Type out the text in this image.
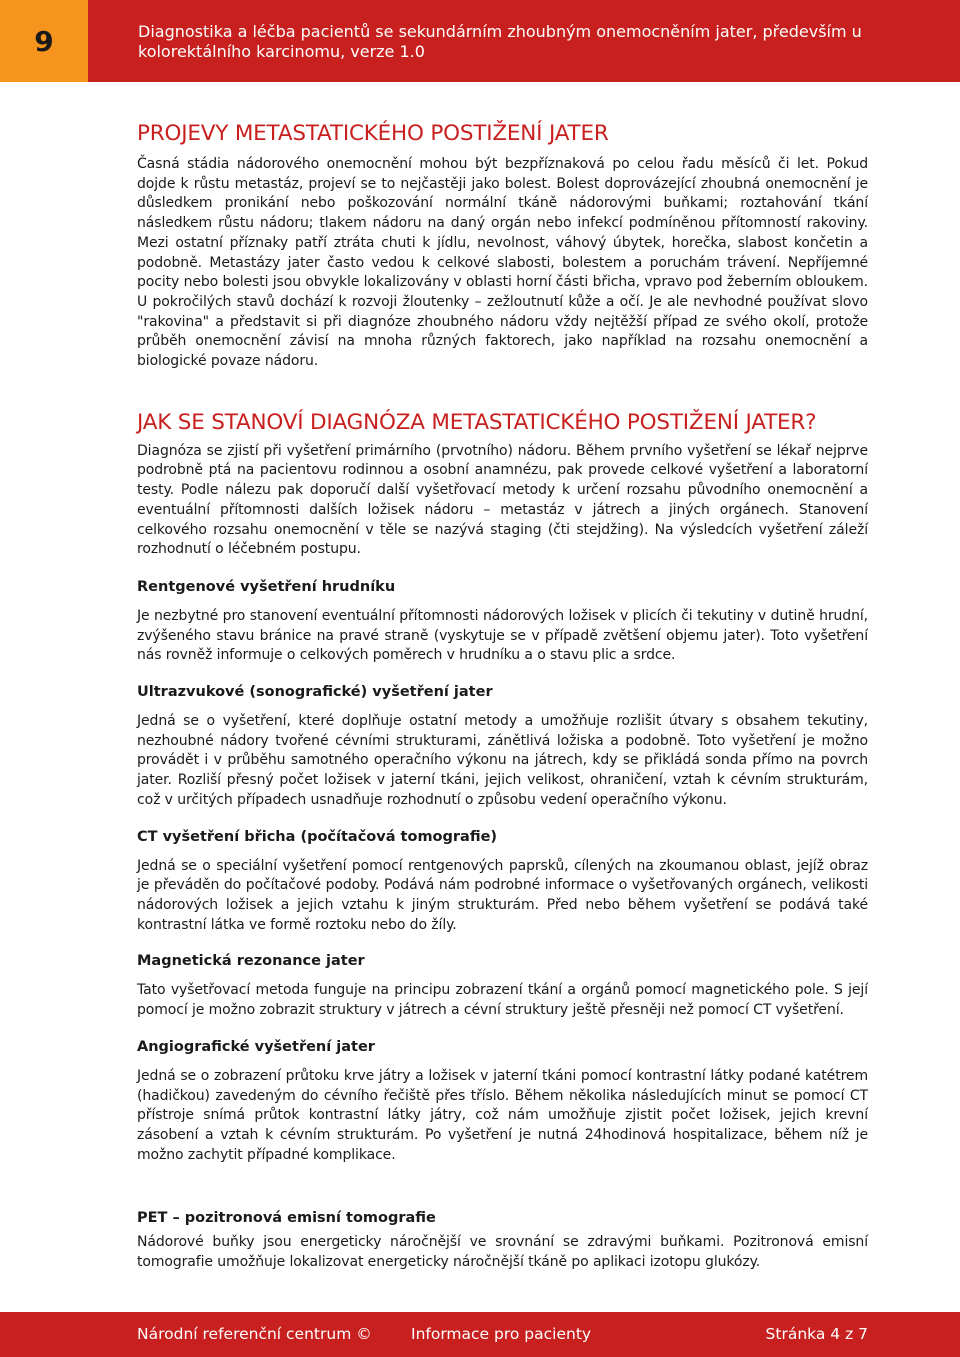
9	Diagnostika a léčba pacientů se sekundárním zhoubným onemocněním jater, především u
kolorektálního karcinomu, verze 1.0
PROJEVY METASTATICKÉHO POSTIŽENÍ JATER

Časná stádia nádorového onemocnění mohou být bezpříznaková po celou řadu měsíců či let. Pokud dojde k růstu metastáz, projeví se to nejčastěji jako bolest. Bolest doprovázející zhoubná onemocnění je důsledkem pronikání nebo poškozování normální tkáně nádorovými buňkami; roztahování tkání následkem růstu nádoru; tlakem nádoru na daný orgán nebo infekcí podmíněnou přítomností rakoviny. Mezi ostatní příznaky patří ztráta chuti k jídlu, nevolnost, váhový úbytek, horečka, slabost končetin a podobně. Metastázy jater často vedou k celkové slabosti, bolestem a poruchám trávení. Nepříjemné pocity nebo bolesti jsou obvykle lokalizovány v oblasti horní části břicha, vpravo pod žeberním obloukem. U pokročilých stavů dochází k rozvoji žloutenky – zežloutnutí kůže a očí. Je ale nevhodné používat slovo "rakovina" a představit si při diagnóze zhoubného nádoru vždy nejtěžší případ ze svého okolí, protože průběh onemocnění závisí na mnoha různých faktorech, jako například na rozsahu onemocnění a biologické povaze nádoru.

JAK SE STANOVÍ DIAGNÓZA METASTATICKÉHO POSTIŽENÍ JATER?

Diagnóza se zjistí při vyšetření primárního (prvotního) nádoru. Během prvního vyšetření se lékař nejprve podrobně ptá na pacientovu rodinnou a osobní anamnézu, pak provede celkové vyšetření a laboratorní testy. Podle nálezu pak doporučí další vyšetřovací metody k určení rozsahu původního onemocnění a eventuální přítomnosti dalších ložisek nádoru – metastáz v játrech a jiných orgánech. Stanovení celkového rozsahu onemocnění v těle se nazývá staging (čti stejdžing). Na výsledcích vyšetření záleží rozhodnutí o léčebném postupu.

Rentgenové vyšetření hrudníku

Je nezbytné pro stanovení eventuální přítomnosti nádorových ložisek v plicích či tekutiny v dutině hrudní, zvýšeného stavu bránice na pravé straně (vyskytuje se v případě zvětšení objemu jater). Toto vyšetření nás rovněž informuje o celkových poměrech v hrudníku a o stavu plic a srdce.

Ultrazvukové (sonografické) vyšetření jater

Jedná se o vyšetření, které doplňuje ostatní metody a umožňuje rozlišit útvary s obsahem tekutiny, nezhoubné nádory tvořené cévními strukturami, zánětlivá ložiska a podobně. Toto vyšetření je možno provádět i v průběhu samotného operačního výkonu na játrech, kdy se přikládá sonda přímo na povrch jater. Rozliší přesný počet ložisek v jaterní tkáni, jejich velikost, ohraničení, vztah k cévním strukturám, což v určitých případech usnadňuje rozhodnutí o způsobu vedení operačního výkonu.

CT vyšetření břicha (počítačová tomografie)

Jedná se o speciální vyšetření pomocí rentgenových paprsků, cílených na zkoumanou oblast, jejíž obraz je převáděn do počítačové podoby. Podává nám podrobné informace o vyšetřovaných orgánech, velikosti nádorových ložisek a jejich vztahu k jiným strukturám. Před nebo během vyšetření se podává také kontrastní látka ve formě roztoku nebo do žíly.

Magnetická rezonance jater

Tato vyšetřovací metoda funguje na principu zobrazení tkání a orgánů pomocí magnetického pole. S její pomocí je možno zobrazit struktury v játrech a cévní struktury ještě přesněji než pomocí CT vyšetření.

Angiografické vyšetření jater

Jedná se o zobrazení průtoku krve játry a ložisek v jaterní tkáni pomocí kontrastní látky podané katétrem (hadičkou) zavedeným do cévního řečiště přes tříslo. Během několika následujících minut se pomocí CT přístroje snímá průtok kontrastní látky játry, což nám umožňuje zjistit počet ložisek, jejich krevní zásobení a vztah k cévním strukturám. Po vyšetření je nutná 24hodinová hospitalizace, během níž je možno zachytit případné komplikace.

PET – pozitronová emisní tomografie

Nádorové buňky jsou energeticky náročnější ve srovnání se zdravými buňkami. Pozitronová emisní tomografie umožňuje lokalizovat energeticky náročnější tkáně po aplikaci izotopu glukózy.

Národní referenční centrum ©	Informace pro pacienty	Stránka 4 z 7
